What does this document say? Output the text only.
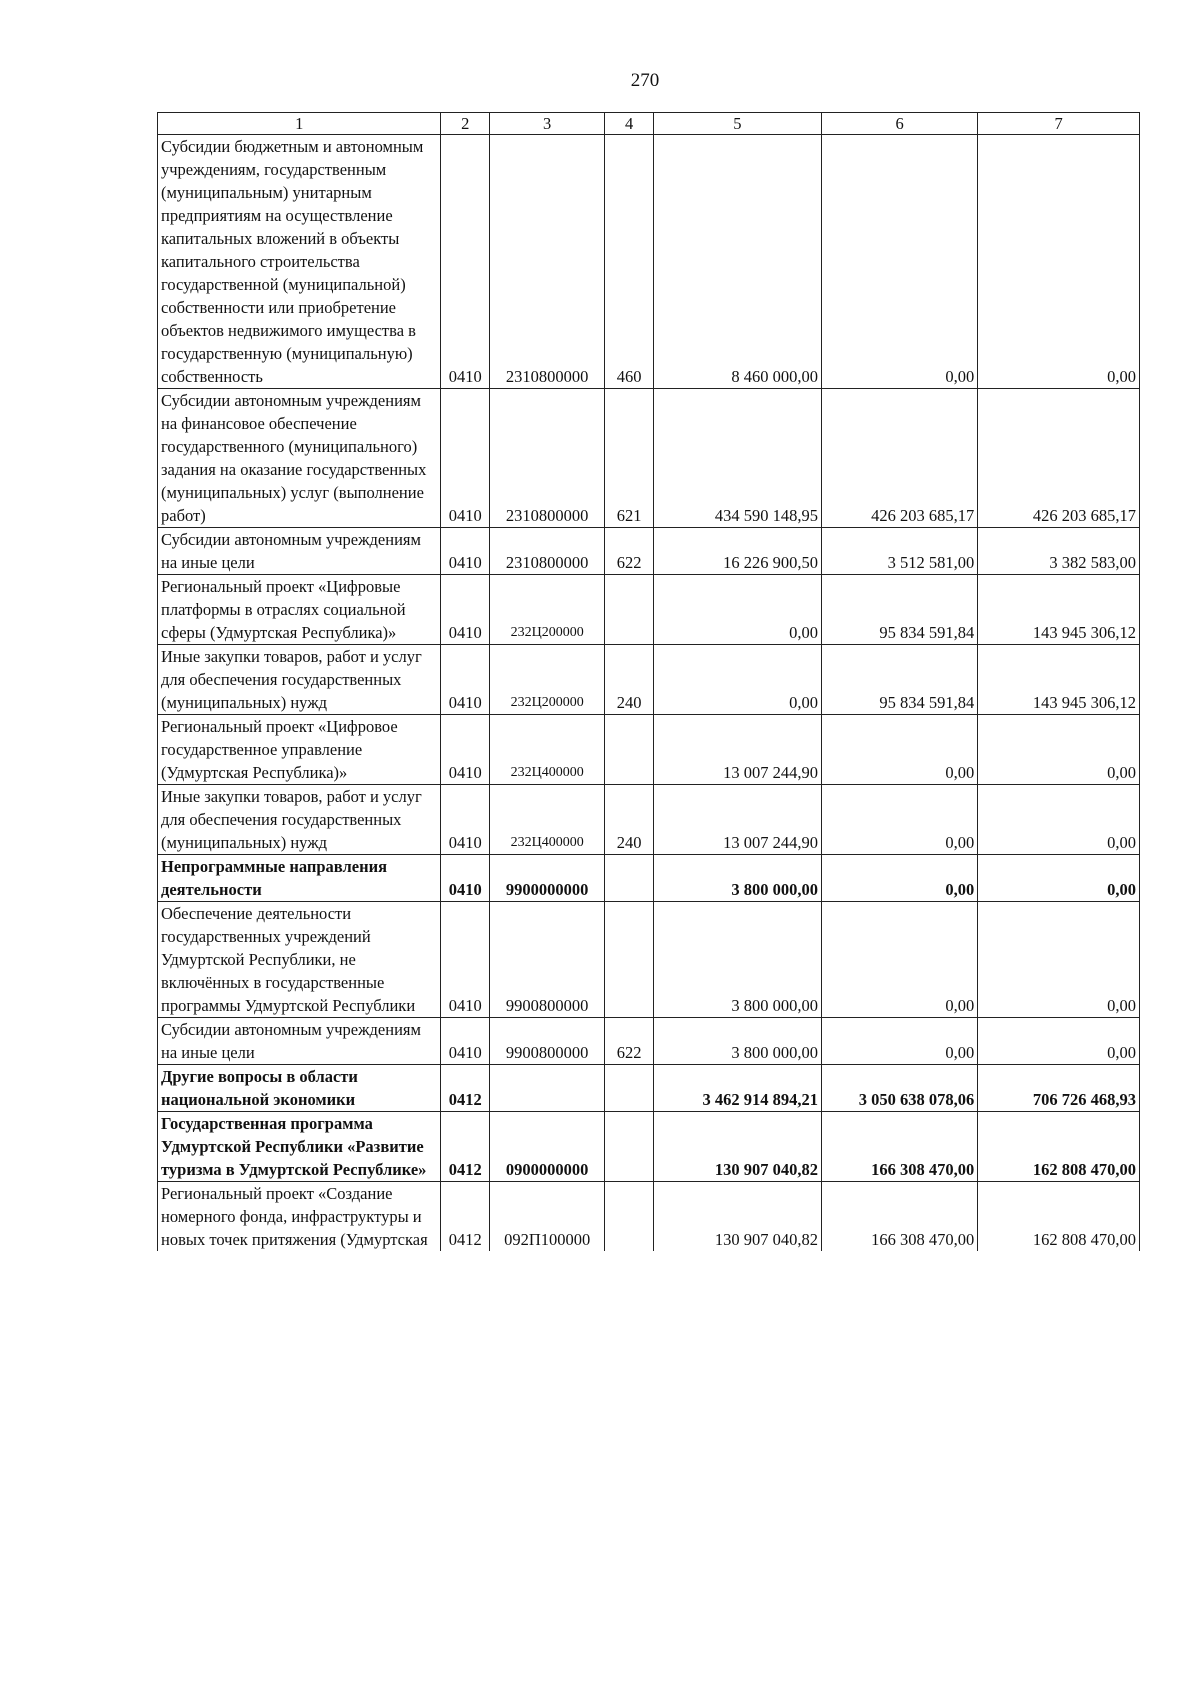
270
1	2	3	4	5	6	7
Субсидии бюджетным и автономным учреждениям, государственным (муниципальным) унитарным предприятиям на осуществление капитальных вложений в объекты капитального строительства государственной (муниципальной) собственности или приобретение объектов недвижимого имущества в государственную (муниципальную) собственность	0410	2310800000	460	8 460 000,00	0,00	0,00
Субсидии автономным учреждениям на финансовое обеспечение государственного (муниципального) задания на оказание государственных (муниципальных) услуг (выполнение работ)	0410	2310800000	621	434 590 148,95	426 203 685,17	426 203 685,17
Субсидии автономным учреждениям на иные цели	0410	2310800000	622	16 226 900,50	3 512 581,00	3 382 583,00
Региональный проект «Цифровые платформы в отраслях социальной сферы (Удмуртская Республика)»	0410	232Ц200000		0,00	95 834 591,84	143 945 306,12
Иные закупки товаров, работ и услуг для обеспечения государственных (муниципальных) нужд	0410	232Ц200000	240	0,00	95 834 591,84	143 945 306,12
Региональный проект «Цифровое государственное управление (Удмуртская Республика)»	0410	232Ц400000		13 007 244,90	0,00	0,00
Иные закупки товаров, работ и услуг для обеспечения государственных (муниципальных) нужд	0410	232Ц400000	240	13 007 244,90	0,00	0,00
Непрограммные направления деятельности	0410	9900000000		3 800 000,00	0,00	0,00
Обеспечение деятельности государственных учреждений Удмуртской Республики, не включённых в государственные программы Удмуртской Республики	0410	9900800000		3 800 000,00	0,00	0,00
Субсидии автономным учреждениям на иные цели	0410	9900800000	622	3 800 000,00	0,00	0,00
Другие вопросы в области национальной экономики	0412			3 462 914 894,21	3 050 638 078,06	706 726 468,93
Государственная программа Удмуртской Республики «Развитие туризма в Удмуртской Республике»	0412	0900000000		130 907 040,82	166 308 470,00	162 808 470,00
Региональный проект «Создание номерного фонда, инфраструктуры и новых точек притяжения (Удмуртская	0412	092П100000		130 907 040,82	166 308 470,00	162 808 470,00
